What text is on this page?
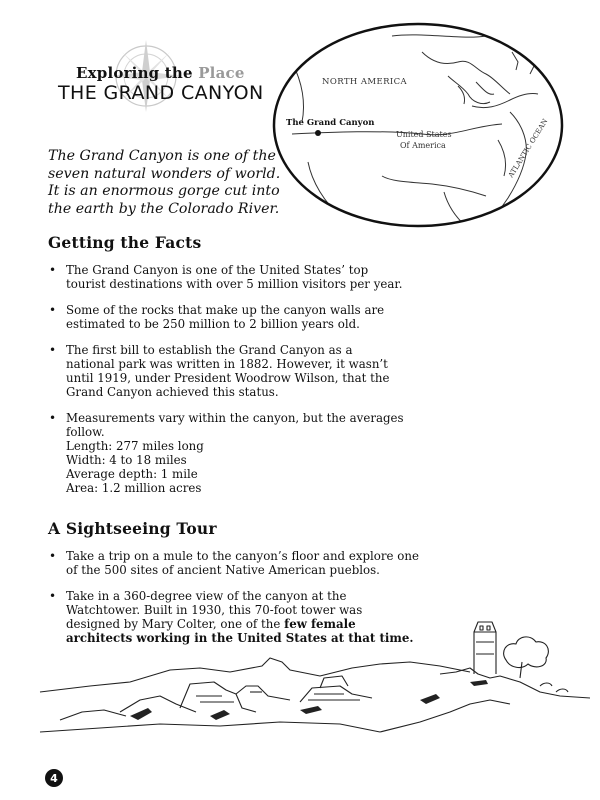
Exploring the Place
THE GRAND CANYON
The Grand Canyon is one of the seven natural wonders of world. It is an enormous gorge cut into the earth by the Colorado River.
NORTH AMERICA
The Grand Canyon
United States
Of America	ATLANTIC OCEAN
Getting the Facts
• The Grand Canyon is one of the United States’ top tourist destinations with over 5 million visitors per year.
• Some of the rocks that make up the canyon walls are estimated to be 250 million to 2 billion years old.
• The first bill to establish the Grand Canyon as a national park was written in 1882. However, it wasn’t until 1919, under President Woodrow Wilson, that the Grand Canyon achieved this status.
• Measurements vary within the canyon, but the averages follow.
Length: 277 miles long
Width: 4 to 18 miles
Average depth: 1 mile
Area: 1.2 million acres
A Sightseeing Tour
• Take a trip on a mule to the canyon’s floor and explore one of the 500 sites of ancient Native American pueblos.
• Take in a 360-degree view of the canyon at the Watchtower. Built in 1930, this 70-foot tower was designed by Mary Colter, one of the few female architects working in the United States at that time.
4
